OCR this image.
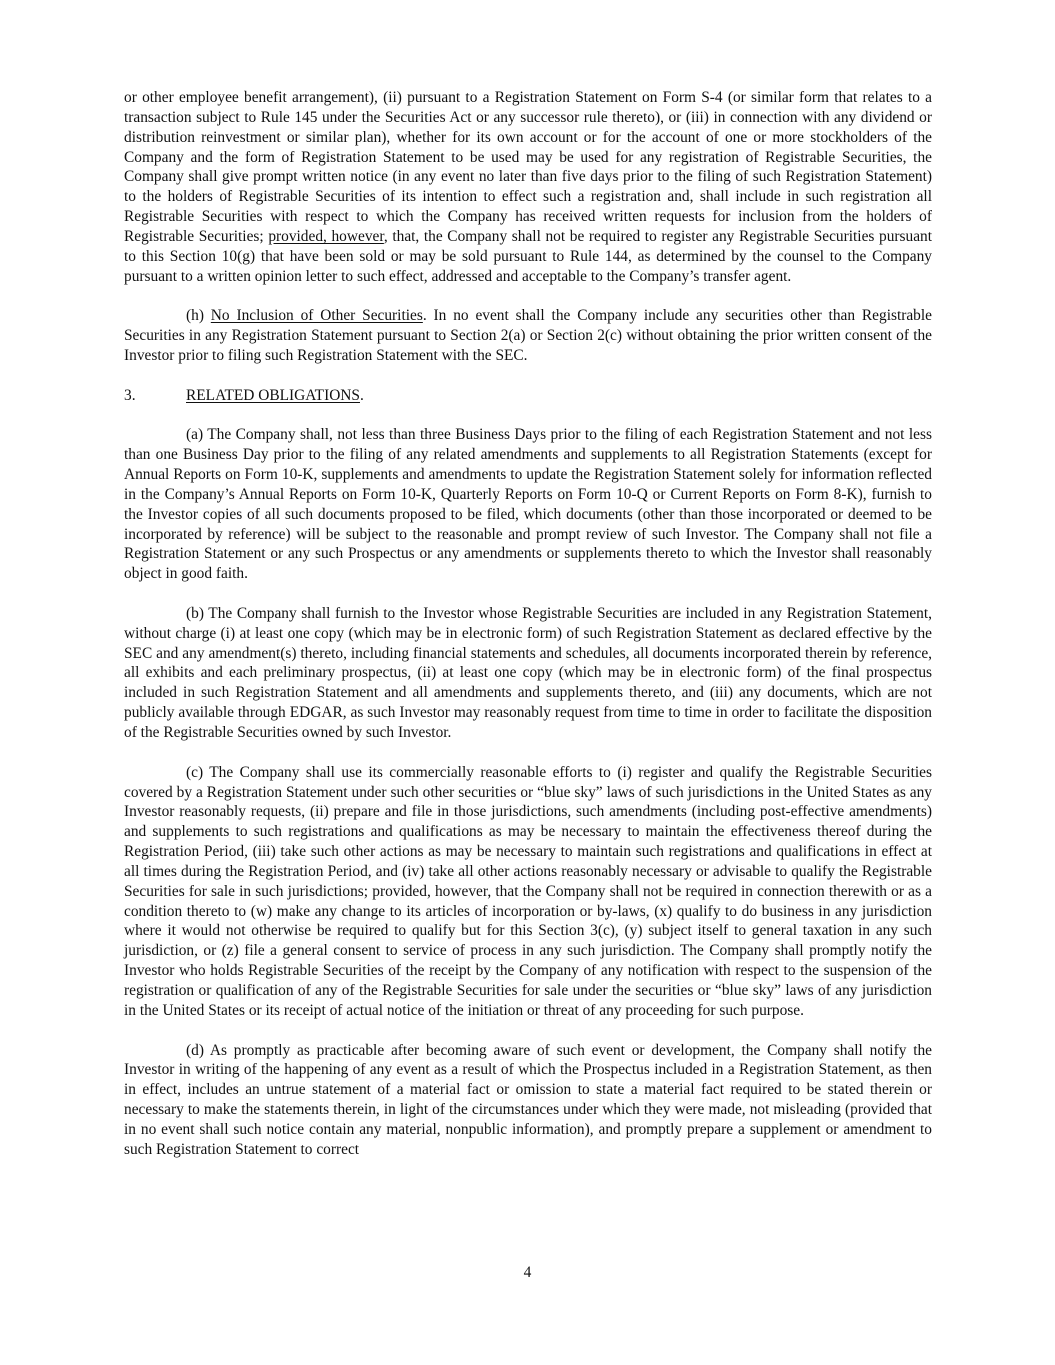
or other employee benefit arrangement), (ii) pursuant to a Registration Statement on Form S-4 (or similar form that relates to a transaction subject to Rule 145 under the Securities Act or any successor rule thereto), or (iii) in connection with any dividend or distribution reinvestment or similar plan), whether for its own account or for the account of one or more stockholders of the Company and the form of Registration Statement to be used may be used for any registration of Registrable Securities, the Company shall give prompt written notice (in any event no later than five days prior to the filing of such Registration Statement) to the holders of Registrable Securities of its intention to effect such a registration and, shall include in such registration all Registrable Securities with respect to which the Company has received written requests for inclusion from the holders of Registrable Securities; provided, however, that, the Company shall not be required to register any Registrable Securities pursuant to this Section 10(g) that have been sold or may be sold pursuant to Rule 144, as determined by the counsel to the Company pursuant to a written opinion letter to such effect, addressed and acceptable to the Company’s transfer agent.

(h) No Inclusion of Other Securities. In no event shall the Company include any securities other than Registrable Securities in any Registration Statement pursuant to Section 2(a) or Section 2(c) without obtaining the prior written consent of the Investor prior to filing such Registration Statement with the SEC.

3.	RELATED OBLIGATIONS.

(a) The Company shall, not less than three Business Days prior to the filing of each Registration Statement and not less than one Business Day prior to the filing of any related amendments and supplements to all Registration Statements (except for Annual Reports on Form 10-K, supplements and amendments to update the Registration Statement solely for information reflected in the Company’s Annual Reports on Form 10-K, Quarterly Reports on Form 10-Q or Current Reports on Form 8-K), furnish to the Investor copies of all such documents proposed to be filed, which documents (other than those incorporated or deemed to be incorporated by reference) will be subject to the reasonable and prompt review of such Investor. The Company shall not file a Registration Statement or any such Prospectus or any amendments or supplements thereto to which the Investor shall reasonably object in good faith.

(b) The Company shall furnish to the Investor whose Registrable Securities are included in any Registration Statement, without charge (i) at least one copy (which may be in electronic form) of such Registration Statement as declared effective by the SEC and any amendment(s) thereto, including financial statements and schedules, all documents incorporated therein by reference, all exhibits and each preliminary prospectus, (ii) at least one copy (which may be in electronic form) of the final prospectus included in such Registration Statement and all amendments and supplements thereto, and (iii) any documents, which are not publicly available through EDGAR, as such Investor may reasonably request from time to time in order to facilitate the disposition of the Registrable Securities owned by such Investor.

(c) The Company shall use its commercially reasonable efforts to (i) register and qualify the Registrable Securities covered by a Registration Statement under such other securities or “blue sky” laws of such jurisdictions in the United States as any Investor reasonably requests, (ii) prepare and file in those jurisdictions, such amendments (including post-effective amendments) and supplements to such registrations and qualifications as may be necessary to maintain the effectiveness thereof during the Registration Period, (iii) take such other actions as may be necessary to maintain such registrations and qualifications in effect at all times during the Registration Period, and (iv) take all other actions reasonably necessary or advisable to qualify the Registrable Securities for sale in such jurisdictions; provided, however, that the Company shall not be required in connection therewith or as a condition thereto to (w) make any change to its articles of incorporation or by-laws, (x) qualify to do business in any jurisdiction where it would not otherwise be required to qualify but for this Section 3(c), (y) subject itself to general taxation in any such jurisdiction, or (z) file a general consent to service of process in any such jurisdiction. The Company shall promptly notify the Investor who holds Registrable Securities of the receipt by the Company of any notification with respect to the suspension of the registration or qualification of any of the Registrable Securities for sale under the securities or “blue sky” laws of any jurisdiction in the United States or its receipt of actual notice of the initiation or threat of any proceeding for such purpose.

(d) As promptly as practicable after becoming aware of such event or development, the Company shall notify the Investor in writing of the happening of any event as a result of which the Prospectus included in a Registration Statement, as then in effect, includes an untrue statement of a material fact or omission to state a material fact required to be stated therein or necessary to make the statements therein, in light of the circumstances under which they were made, not misleading (provided that in no event shall such notice contain any material, nonpublic information), and promptly prepare a supplement or amendment to such Registration Statement to correct

4
